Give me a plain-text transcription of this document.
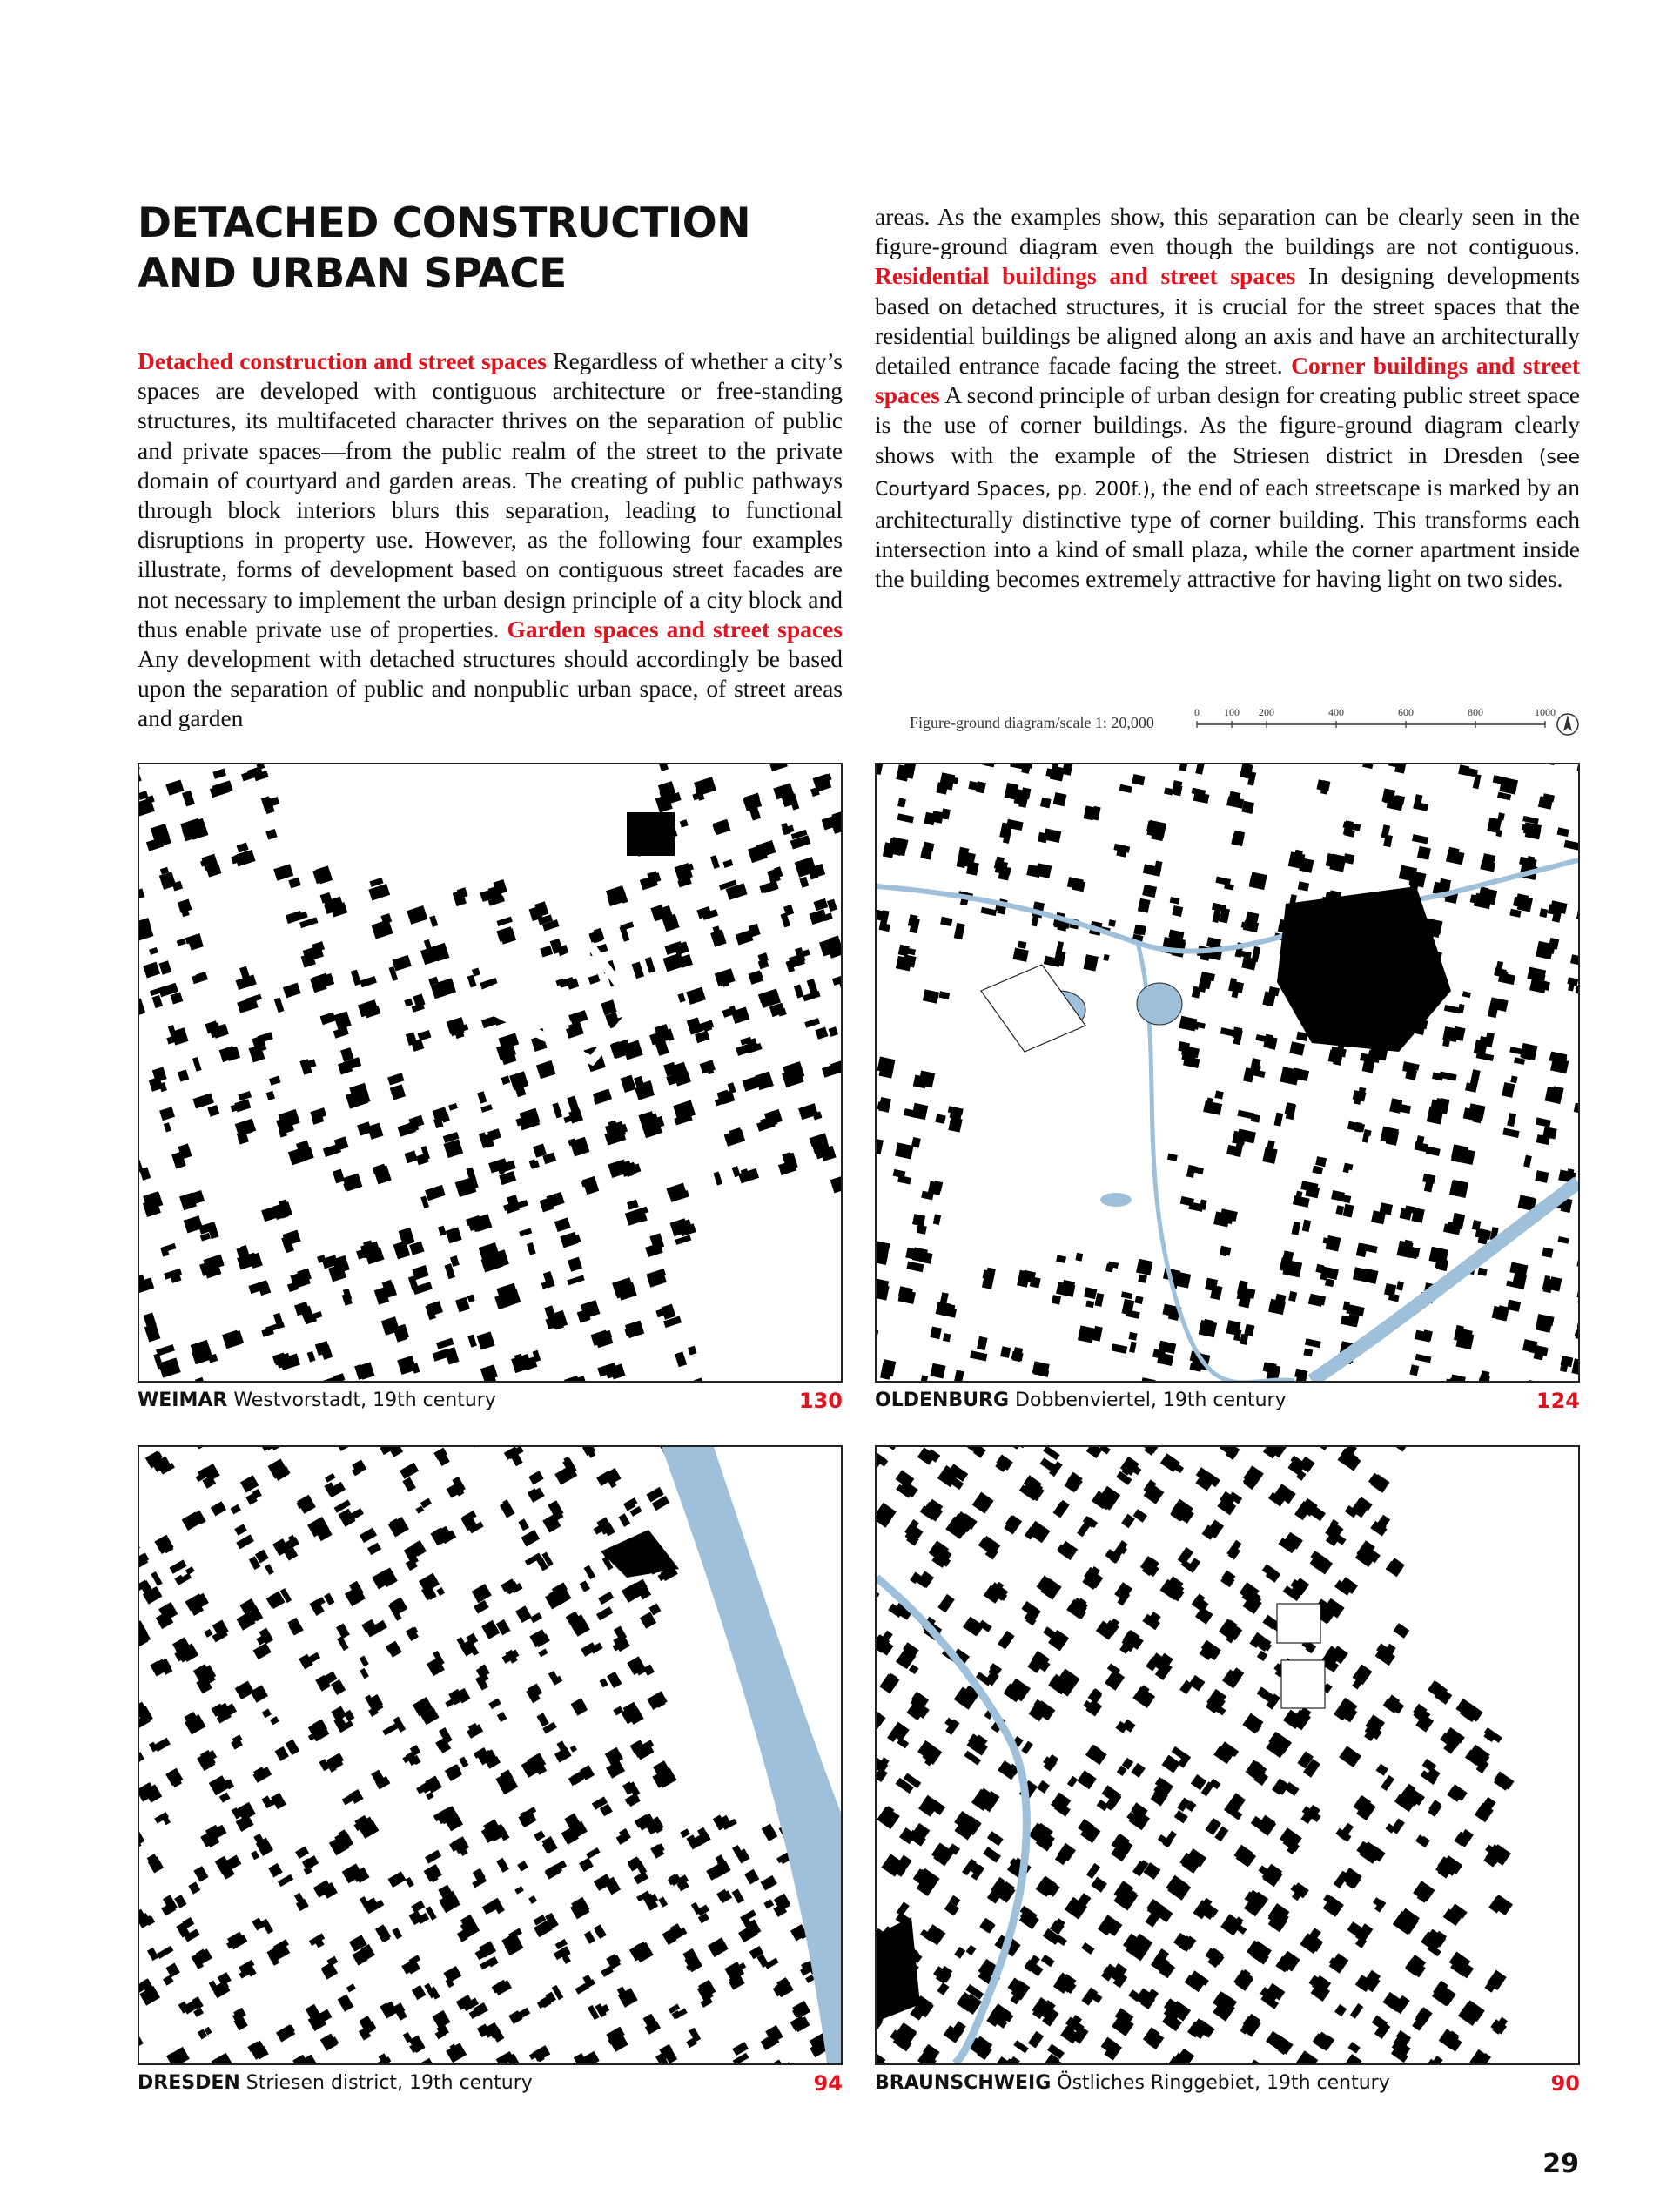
DETACHED CONSTRUCTION
AND URBAN SPACE
Detached construction and street spaces Regardless of whether a city’s spaces are developed with contiguous architecture or free-standing structures, its multifaceted character thrives on the separation of public and private spaces—from the public realm of the street to the private domain of courtyard and garden areas. The creating of public pathways through block interiors blurs this separation, leading to functional disruptions in property use. However, as the following four examples illustrate, forms of development based on contiguous street facades are not necessary to implement the urban design principle of a city block and thus enable private use of properties. Garden spaces and street spaces Any development with detached structures should accordingly be based upon the separation of public and nonpublic urban space, of street areas and garden
areas. As the examples show, this separation can be clearly seen in the figure-ground diagram even though the buildings are not contiguous. Residential buildings and street spaces In designing developments based on detached structures, it is crucial for the street spaces that the residential buildings be aligned along an axis and have an architecturally detailed entrance facade facing the street. Corner buildings and street spaces A second principle of urban design for creating public street space is the use of corner buildings. As the figure-ground diagram clearly shows with the example of the Striesen district in Dresden (see Courtyard Spaces, pp. 200f.), the end of each streetscape is marked by an architecturally distinctive type of corner building. This transforms each intersection into a kind of small plaza, while the corner apartment inside the building becomes extremely attractive for having light on two sides.
Figure-ground diagram/scale 1: 20,000
0 100 200	400	600	800	1000
WEIMAR Westvorstadt, 19th century	130 OLDENBURG Dobbenviertel, 19th century	124
DRESDEN Striesen district, 19th century	94 BRAUNSCHWEIG Östliches Ringgebiet, 19th century	90
29
